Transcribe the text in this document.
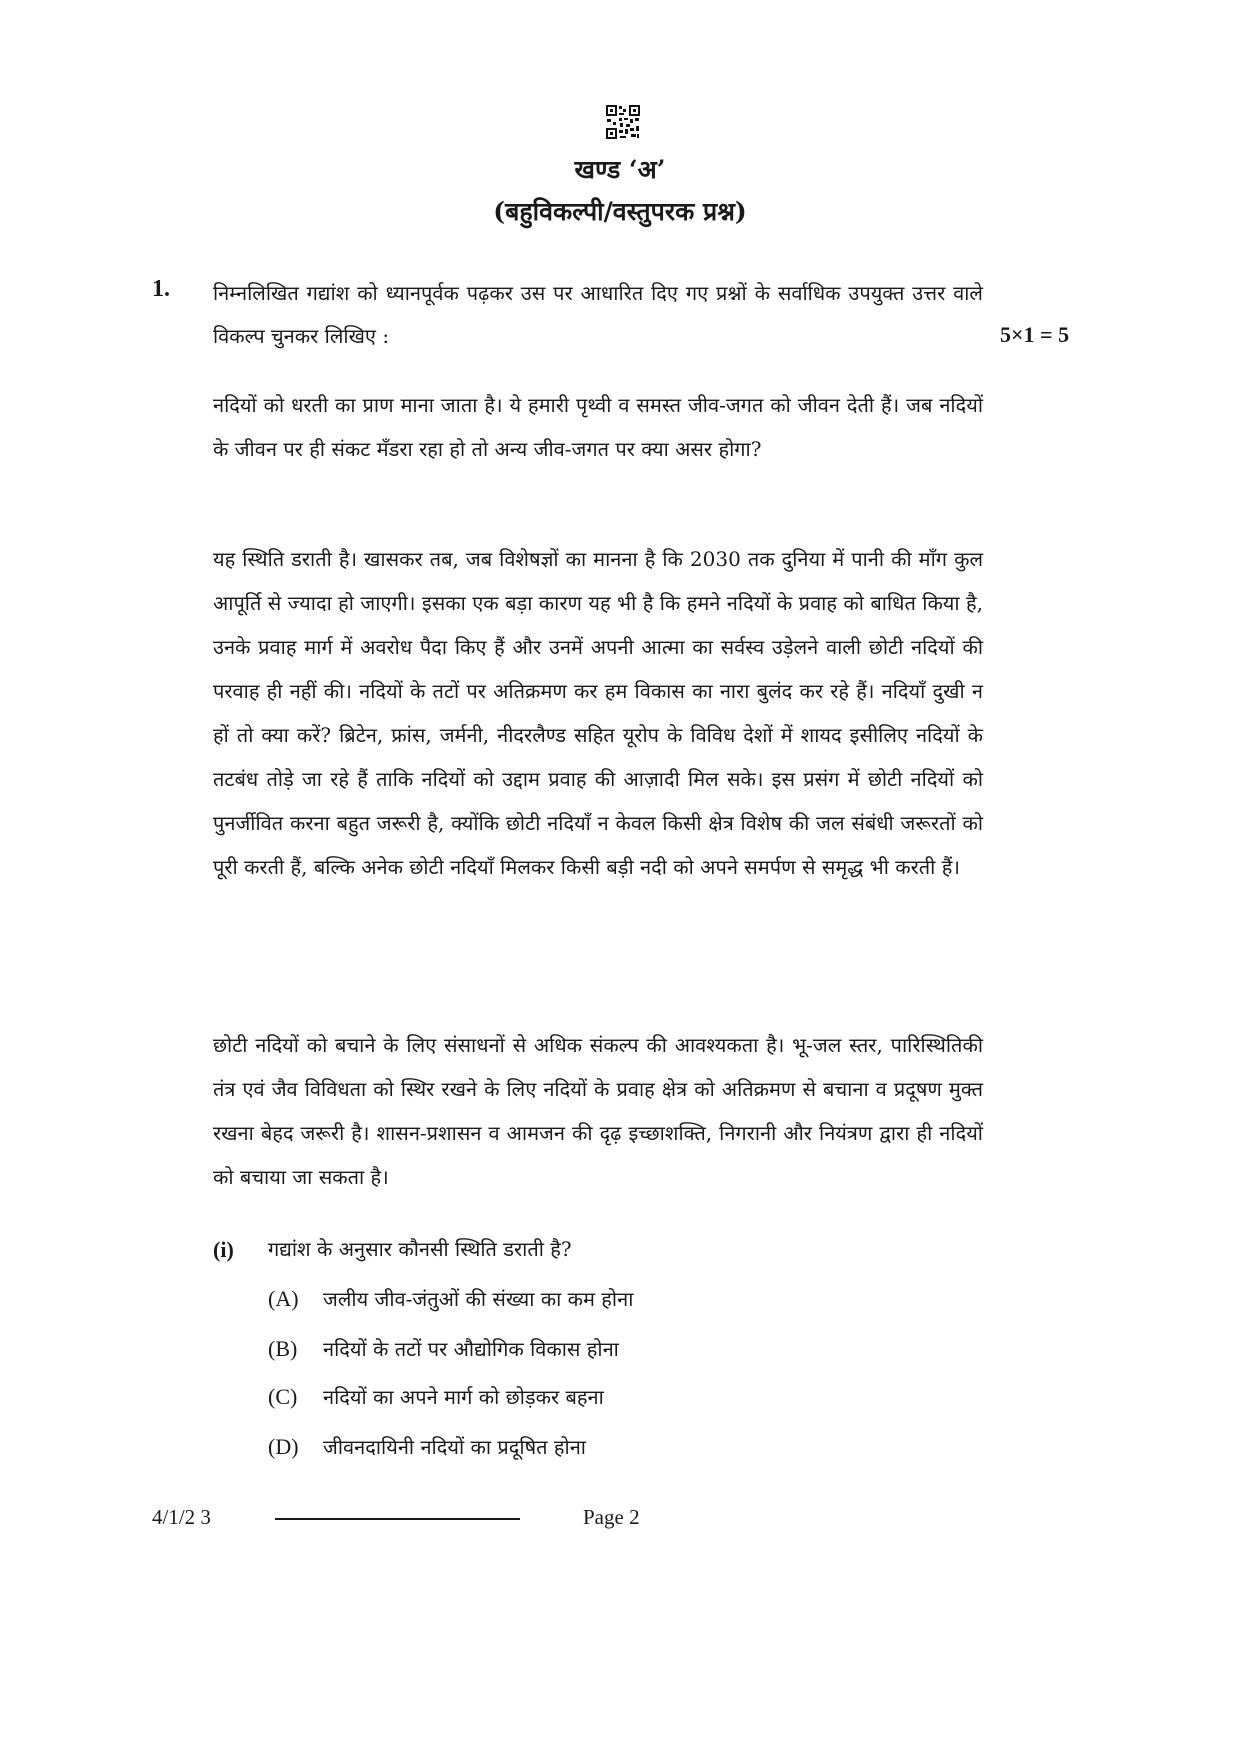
खण्ड ‘अ’
(बहुविकल्पी/वस्तुपरक प्रश्न)
1. निम्नलिखित गद्यांश को ध्यानपूर्वक पढ़कर उस पर आधारित दिए गए प्रश्नों के सर्वाधिक उपयुक्त उत्तर वाले विकल्प चुनकर लिखिए :	5×1 = 5

नदियों को धरती का प्राण माना जाता है। ये हमारी पृथ्वी व समस्त जीव-जगत को जीवन देती हैं। जब नदियों के जीवन पर ही संकट मँडरा रहा हो तो अन्य जीव-जगत पर क्या असर होगा?

यह स्थिति डराती है। खासकर तब, जब विशेषज्ञों का मानना है कि 2030 तक दुनिया में पानी की माँग कुल आपूर्ति से ज्यादा हो जाएगी। इसका एक बड़ा कारण यह भी है कि हमने नदियों के प्रवाह को बाधित किया है, उनके प्रवाह मार्ग में अवरोध पैदा किए हैं और उनमें अपनी आत्मा का सर्वस्व उड़ेलने वाली छोटी नदियों की परवाह ही नहीं की। नदियों के तटों पर अतिक्रमण कर हम विकास का नारा बुलंद कर रहे हैं। नदियाँ दुखी न हों तो क्या करें? ब्रिटेन, फ्रांस, जर्मनी, नीदरलैण्ड सहित यूरोप के विविध देशों में शायद इसीलिए नदियों के तटबंध तोड़े जा रहे हैं ताकि नदियों को उद्दाम प्रवाह की आज़ादी मिल सके। इस प्रसंग में छोटी नदियों को पुनर्जीवित करना बहुत जरूरी है, क्योंकि छोटी नदियाँ न केवल किसी क्षेत्र विशेष की जल संबंधी जरूरतों को पूरी करती हैं, बल्कि अनेक छोटी नदियाँ मिलकर किसी बड़ी नदी को अपने समर्पण से समृद्ध भी करती हैं।

छोटी नदियों को बचाने के लिए संसाधनों से अधिक संकल्प की आवश्यकता है। भू-जल स्तर, पारिस्थितिकी तंत्र एवं जैव विविधता को स्थिर रखने के लिए नदियों के प्रवाह क्षेत्र को अतिक्रमण से बचाना व प्रदूषण मुक्त रखना बेहद जरूरी है। शासन-प्रशासन व आमजन की दृढ़ इच्छाशक्ति, निगरानी और नियंत्रण द्वारा ही नदियों को बचाया जा सकता है।

(i) गद्यांश के अनुसार कौनसी स्थिति डराती है?
(A) जलीय जीव-जंतुओं की संख्या का कम होना
(B) नदियों के तटों पर औद्योगिक विकास होना
(C) नदियों का अपने मार्ग को छोड़कर बहना
(D) जीवनदायिनी नदियों का प्रदूषित होना
4/1/2 3	Page 2
